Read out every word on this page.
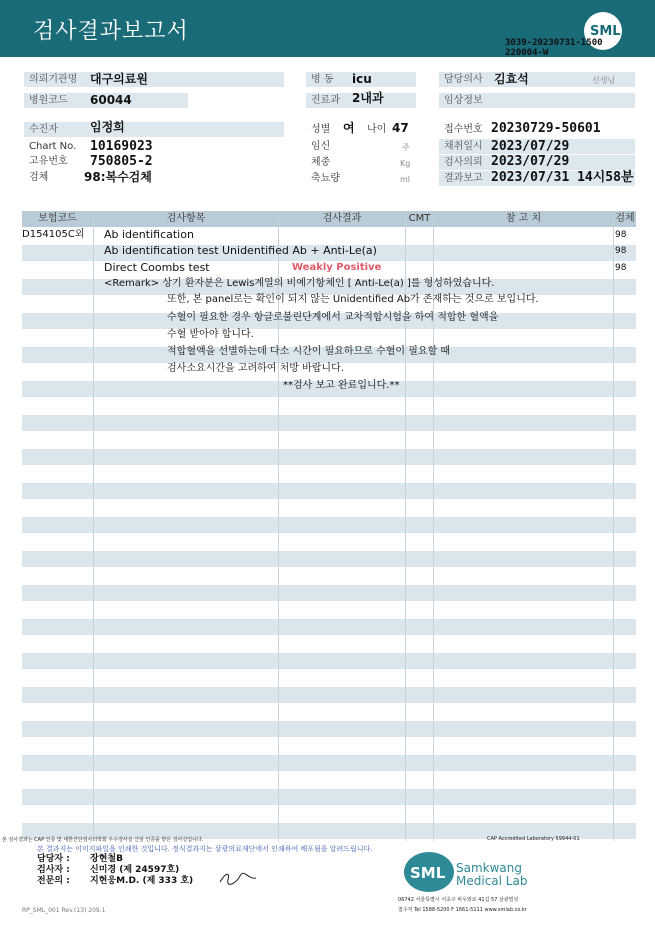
검사결과보고서	SML
3039-20230731-1500
220004-W
의뢰기관명	대구의료원
병원코드	60044
수진자	임정희
Chart No. 10169023
고유번호 750805-2
검체	98:복수검체
병 동	icu
진료과	2내과
성별 여 나이 47
임신	주
체중	Kg
축뇨량	ml
담당의사 김효석	선생님
임상정보
접수번호 20230729-50601
채취일시 2023/07/29
검사의뢰 2023/07/29
결과보고 2023/07/31 14시58분
보험코드	검사항목	검사결과	CMT	참 고 치	검체
D154105C외 Ab identification	98
Ab identification test Unidentified Ab + Anti-Le(a)	98
Direct Coombs test	Weakly Positive	98
<Remark> 상기 환자분은 Lewis계열의 비예기항체인 [ Anti-Le(a) ]를 형성하였습니다.
또한, 본 panel로는 확인이 되지 않는 Unidentified Ab가 존재하는 것으로 보입니다.
수혈이 필요한 경우 항글로불린단계에서 교차적합시험을 하여 적합한 혈액을
수혈 받아야 합니다.
적합혈액을 선별하는데 다소 시간이 필요하므로 수혈이 필요할 때
검사소요시간을 고려하여 처방 바랍니다.
**검사 보고 완료입니다.**
본 검사결과는 CAP 인증 및 대한진단검사의학회 우수검사실 신임 인증을 받은 검사실입니다.	CAP Accredited Laboratory 59944-01
본 결과지는 이미지파일을 인쇄한 것입니다. 정식결과지는 삼광의료재단에서 인쇄하여 배포됨을 알려드립니다.
담당자 : 장현철B
검사자 : 신미경 (제 24597호)
전문의 : 지현웅M.D. (제 333 호)	SML Samkwang
Medical Lab
06742 서울특별시 서초구 바우뫼로 41길 57 삼광빌딩
접수처 Tel 1588-5200 F 1661-5111 www.smlab.co.kr
RP_SML_001 Rev.(13) 209.1
